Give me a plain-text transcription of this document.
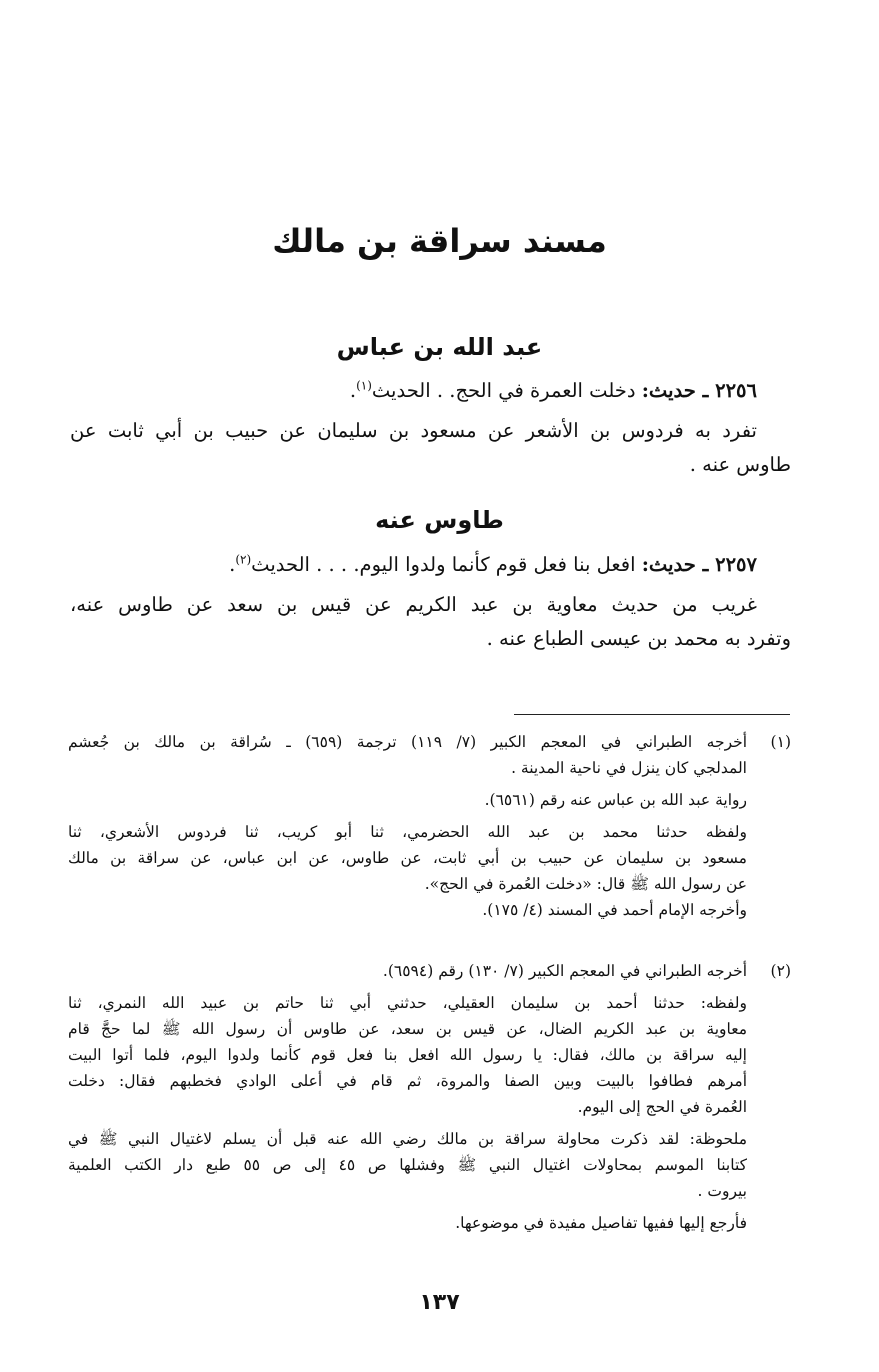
مسند سراقة بن مالك
عبد الله بن عباس
٢٢٥٦ ـ حديث: دخلت العمرة في الحج. . الحديث$^{(١)}$.
تفرد به فردوس بن الأشعر عن مسعود بن سليمان عن حبيب بن أبي ثابت عن
طاوس عنه .
طاوس عنه
٢٢٥٧ ـ حديث: افعل بنا فعل قوم كأنما ولدوا اليوم. . . . الحديث$^{(٢)}$.
غريب من حديث معاوية بن عبد الكريم عن قيس بن سعد عن طاوس عنه،
وتفرد به محمد بن عيسى الطباع عنه .
(١)

أخرجه الطبراني في المعجم الكبير (٧/ ١١٩) ترجمة (٦٥٩) ـ سُراقة بن مالك بن جُعشم
المدلجي كان ينزل في ناحية المدينة .

رواية عبد الله بن عباس عنه رقم (٦٥٦١).

ولفظه حدثنا محمد بن عبد الله الحضرمي، ثنا أبو كريب، ثنا فردوس الأشعري، ثنا
مسعود بن سليمان عن حبيب بن أبي ثابت، عن طاوس، عن ابن عباس، عن سراقة بن مالك
عن رسول الله ﷺ قال: «دخلت العُمرة في الحج».

وأخرجه الإمام أحمد في المسند (٤/ ١٧٥).

(٢)

أخرجه الطبراني في المعجم الكبير (٧/ ١٣٠) رقم (٦٥٩٤).

ولفظه: حدثنا أحمد بن سليمان العقيلي، حدثني أبي ثنا حاتم بن عبيد الله النمري، ثنا
معاوية بن عبد الكريم الضال، عن قيس بن سعد، عن طاوس أن رسول الله ﷺ لما حجَّ قام
إليه سراقة بن مالك، فقال: يا رسول الله افعل بنا فعل قوم كأنما ولدوا اليوم، فلما أتوا البيت
أمرهم فطافوا بالبيت وبين الصفا والمروة، ثم قام في أعلى الوادي فخطبهم فقال: دخلت
العُمرة في الحج إلى اليوم.

ملحوظة: لقد ذكرت محاولة سراقة بن مالك رضي الله عنه قبل أن يسلم لاغتيال النبي ﷺ في
كتابنا الموسم بمحاولات اغتيال النبي ﷺ وفشلها ص ٤٥ إلى ص ٥٥ طبع دار الكتب العلمية
بيروت .

فأرجع إليها ففيها تفاصيل مفيدة في موضوعها.

١٣٧
